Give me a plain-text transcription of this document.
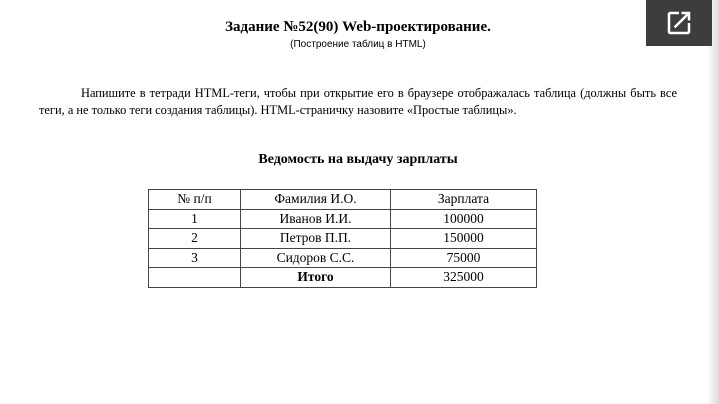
Задание №52(90) Web-проектирование.
(Построение таблиц в HTML)
Напишите в тетради HTML-теги, чтобы при открытие его в браузере отображалась таблица (должны быть все теги, а не только теги создания таблицы). HTML-страничку назовите «Простые таблицы».
Ведомость на выдачу зарплаты
№ п/п	Фамилия И.О.	Зарплата
1	Иванов И.И.	100000
2	Петров П.П.	150000
3	Сидоров С.С.	75000
	Итого	325000
